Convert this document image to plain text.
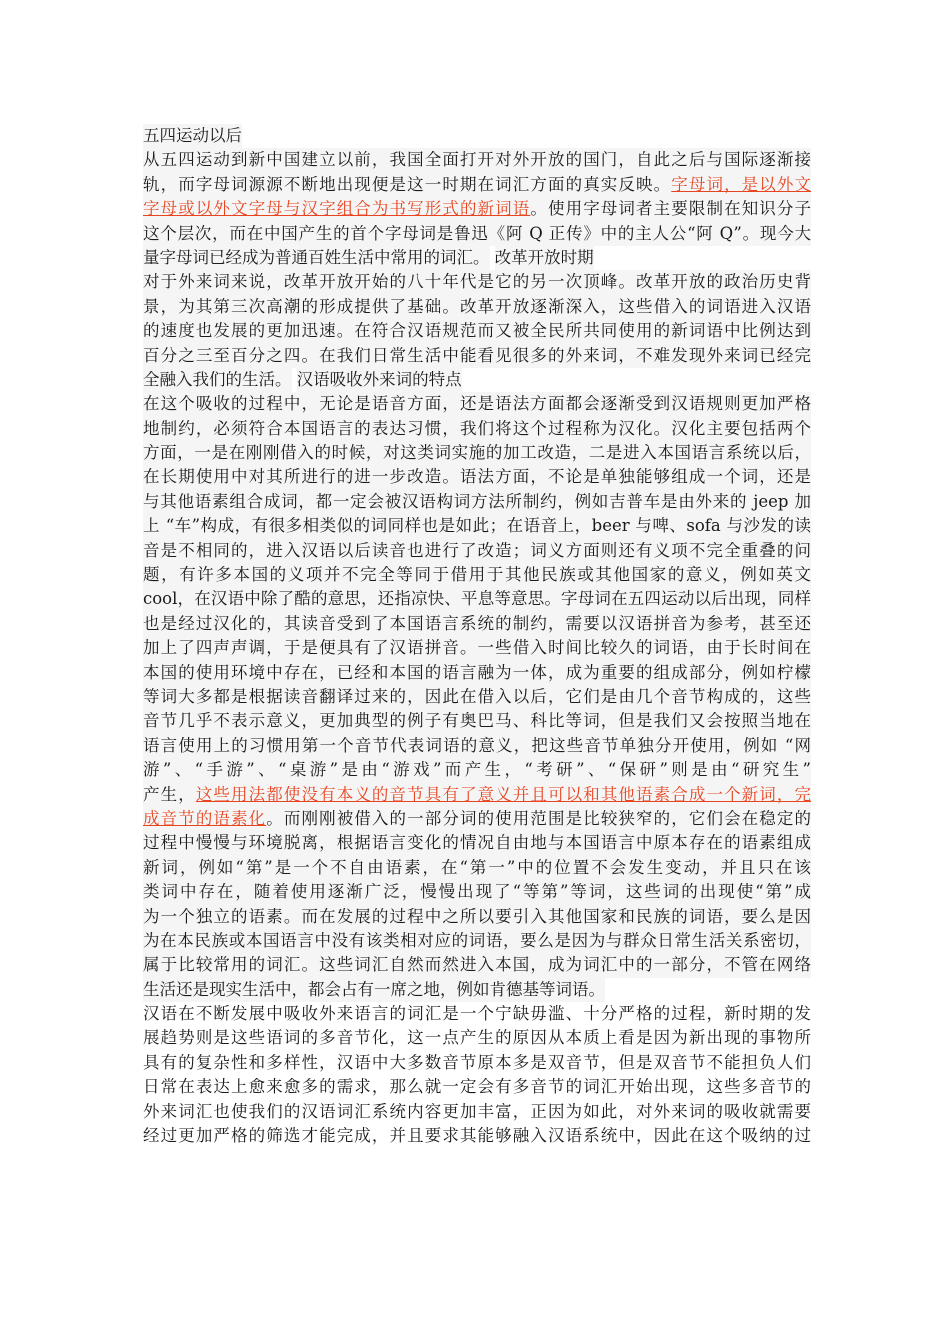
五四运动以后
从五四运动到新中国建立以前，我国全面打开对外开放的国门，自此之后与国际逐渐接
轨，而字母词源源不断地出现便是这一时期在词汇方面的真实反映。字母词，是以外文
字母或以外文字母与汉字组合为书写形式的新词语。使用字母词者主要限制在知识分子
这个层次，而在中国产生的首个字母词是鲁迅《阿 Q 正传》中的主人公“阿 Q”。现今大
量字母词已经成为普通百姓生活中常用的词汇。 改革开放时期
对于外来词来说，改革开放开始的八十年代是它的另一次顶峰。改革开放的政治历史背
景，为其第三次高潮的形成提供了基础。改革开放逐渐深入，这些借入的词语进入汉语
的速度也发展的更加迅速。在符合汉语规范而又被全民所共同使用的新词语中比例达到
百分之三至百分之四。在我们日常生活中能看见很多的外来词，不难发现外来词已经完
全融入我们的生活。 汉语吸收外来词的特点
在这个吸收的过程中，无论是语音方面，还是语法方面都会逐渐受到汉语规则更加严格
地制约，必须符合本国语言的表达习惯，我们将这个过程称为汉化。汉化主要包括两个
方面，一是在刚刚借入的时候，对这类词实施的加工改造，二是进入本国语言系统以后，
在长期使用中对其所进行的进一步改造。语法方面，不论是单独能够组成一个词，还是
与其他语素组合成词，都一定会被汉语构词方法所制约，例如吉普车是由外来的 jeep 加
上 “车”构成，有很多相类似的词同样也是如此；在语音上，beer 与啤、sofa 与沙发的读
音是不相同的，进入汉语以后读音也进行了改造；词义方面则还有义项不完全重叠的问
题，有许多本国的义项并不完全等同于借用于其他民族或其他国家的意义，例如英文
cool，在汉语中除了酷的意思，还指凉快、平息等意思。字母词在五四运动以后出现，同样
也是经过汉化的，其读音受到了本国语言系统的制约，需要以汉语拼音为参考，甚至还
加上了四声声调，于是便具有了汉语拼音。一些借入时间比较久的词语，由于长时间在
本国的使用环境中存在，已经和本国的语言融为一体，成为重要的组成部分，例如柠檬
等词大多都是根据读音翻译过来的，因此在借入以后，它们是由几个音节构成的，这些
音节几乎不表示意义，更加典型的例子有奥巴马、科比等词，但是我们又会按照当地在
语言使用上的习惯用第一个音节代表词语的意义，把这些音节单独分开使用，例如 “网
游”、“手游”、“桌游”是由“游戏”而产生，“考研”、“保研”则是由“研究生”
产生，这些用法都使没有本义的音节具有了意义并且可以和其他语素合成一个新词，完
成音节的语素化。而刚刚被借入的一部分词的使用范围是比较狭窄的，它们会在稳定的
过程中慢慢与环境脱离，根据语言变化的情况自由地与本国语言中原本存在的语素组成
新词，例如“第”是一个不自由语素，在“第一”中的位置不会发生变动，并且只在该
类词中存在，随着使用逐渐广泛，慢慢出现了“等第”等词，这些词的出现使“第”成
为一个独立的语素。而在发展的过程中之所以要引入其他国家和民族的词语，要么是因
为在本民族或本国语言中没有该类相对应的词语，要么是因为与群众日常生活关系密切，
属于比较常用的词汇。这些词汇自然而然进入本国，成为词汇中的一部分，不管在网络
生活还是现实生活中，都会占有一席之地，例如肯德基等词语。
汉语在不断发展中吸收外来语言的词汇是一个宁缺毋滥、十分严格的过程，新时期的发
展趋势则是这些语词的多音节化，这一点产生的原因从本质上看是因为新出现的事物所
具有的复杂性和多样性，汉语中大多数音节原本多是双音节，但是双音节不能担负人们
日常在表达上愈来愈多的需求，那么就一定会有多音节的词汇开始出现，这些多音节的
外来词汇也使我们的汉语词汇系统内容更加丰富，正因为如此，对外来词的吸收就需要
经过更加严格的筛选才能完成，并且要求其能够融入汉语系统中，因此在这个吸纳的过
